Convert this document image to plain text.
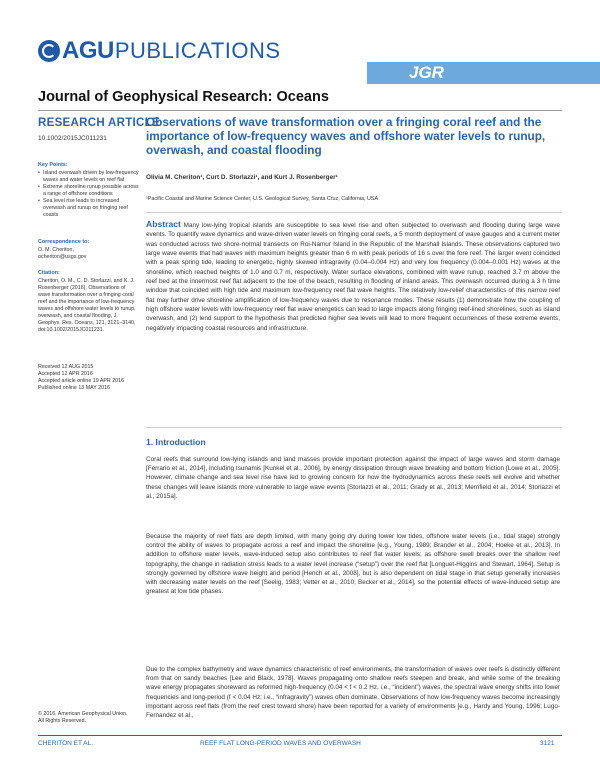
AGU PUBLICATIONS
JGR
Journal of Geophysical Research: Oceans
RESEARCH ARTICLE
10.1002/2015JC011231
Key Points:
• Island overwash driven by low-frequency waves and water levels on reef flat
• Extreme shoreline runup possible across a range of offshore conditions
• Sea level rise leads to increased overwash and runup on fringing reef coasts
Correspondence to:
O. M. Cheriton,
ocheriton@usgs.gov
Citation:
Cheriton, O. M., C. D. Storlazzi, and K. J. Rosenberger (2016), Observations of wave transformation over a fringing coral reef and the importance of low-frequency waves and offshore water levels to runup, overwash, and coastal flooding, J. Geophys. Res. Oceans, 121, 3121–3140, doi:10.1002/2015JC011231.
Received 12 AUG 2015
Accepted 12 APR 2016
Accepted article online 19 APR 2016
Published online 13 MAY 2016
© 2016. American Geophysical Union.
All Rights Reserved.
Observations of wave transformation over a fringing coral reef and the importance of low-frequency waves and offshore water levels to runup, overwash, and coastal flooding
Olivia M. Cheriton¹, Curt D. Storlazzi¹, and Kurt J. Rosenberger¹
¹Pacific Coastal and Marine Science Center, U.S. Geological Survey, Santa Cruz, California, USA

Abstract Many low-lying tropical islands are susceptible to sea level rise and often subjected to overwash and flooding during large wave events. To quantify wave dynamics and wave-driven water levels on fringing coral reefs, a 5 month deployment of wave gauges and a current meter was conducted across two shore-normal transects on Roi-Namur Island in the Republic of the Marshall Islands. These observations captured two large wave events that had waves with maximum heights greater than 6 m with peak periods of 16 s over the fore reef. The larger event coincided with a peak spring tide, leading to energetic, highly skewed infragravity (0.04–0.004 Hz) and very low frequency (0.004–0.001 Hz) waves at the shoreline, which reached heights of 1.0 and 0.7 m, respectively. Water surface elevations, combined with wave runup, reached 3.7 m above the reef bed at the innermost reef flat adjacent to the toe of the beach, resulting in flooding of inland areas. This overwash occurred during a 3 h time window that coincided with high tide and maximum low-frequency reef flat wave heights. The relatively low-relief characteristics of this narrow reef flat may further drive shoreline amplification of low-frequency waves due to resonance modes. These results (1) demonstrate how the coupling of high offshore water levels with low-frequency reef flat wave energetics can lead to large impacts along fringing reef-lined shorelines, such as island overwash, and (2) lend support to the hypothesis that predicted higher sea levels will lead to more frequent occurrences of these extreme events, negatively impacting coastal resources and infrastructure.

1. Introduction

Coral reefs that surround low-lying islands and land masses provide important protection against the impact of large waves and storm damage [Ferrario et al., 2014], including tsunamis [Kunkel et al., 2006], by energy dissipation through wave breaking and bottom friction [Lowe et al., 2005]. However, climate change and sea level rise have led to growing concern for how the hydrodynamics across these reefs will evolve and whether these changes will leave islands more vulnerable to large wave events [Storlazzi et al., 2011; Grady et al., 2013; Merrifield et al., 2014; Storlazzi et al., 2015a].

Because the majority of reef flats are depth limited, with many going dry during lower low tides, offshore water levels (i.e., tidal stage) strongly control the ability of waves to propagate across a reef and impact the shoreline [e.g., Young, 1989; Brander et al., 2004; Hoeke et al., 2013]. In addition to offshore water levels, wave-induced setup also contributes to reef flat water levels; as offshore swell breaks over the shallow reef topography, the change in radiation stress leads to a water level increase (“setup”) over the reef flat [Longuet-Higgins and Stewart, 1964]. Setup is strongly governed by offshore wave height and period [Hench et al., 2008], but is also dependent on tidal stage in that setup generally increases with decreasing water levels on the reef [Seelig, 1983; Vetter et al., 2010; Becker et al., 2014], so the potential effects of wave-induced setup are greatest at low tide phases.

Due to the complex bathymetry and wave dynamics characteristic of reef environments, the transformation of waves over reefs is distinctly different from that on sandy beaches [Lee and Black, 1978]. Waves propagating onto shallow reefs steepen and break, and while some of the breaking wave energy propagates shoreward as reformed high-frequency (0.04 < f < 0.2 Hz, i.e., “incident”) waves, the spectral wave energy shifts into lower frequencies and long-period (f < 0.04 Hz; i.e., “infragravity”) waves often dominate. Observations of how low-frequency waves become increasingly important across reef flats (from the reef crest toward shore) have been reported for a variety of environments [e.g., Hardy and Young, 1996; Lugo-Fernandez et al.,

CHERITON ET AL.	REEF FLAT LONG-PERIOD WAVES AND OVERWASH	3121
